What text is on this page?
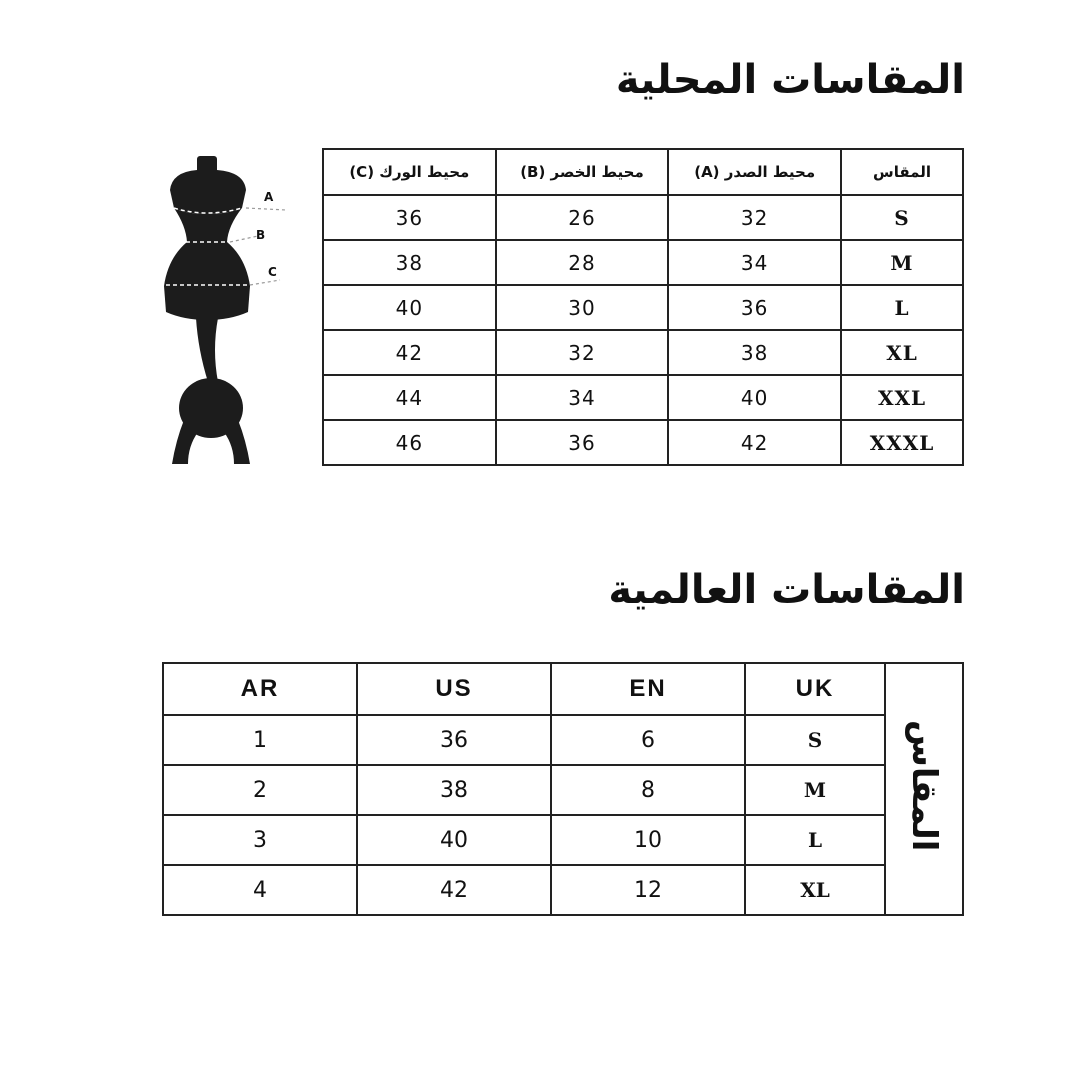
المقاسات المحلية
A
B
C
محيط الورك (C)	محيط الخصر (B)	محيط الصدر (A)	المقاس
36	26	32	S
38	28	34	M
40	30	36	L
42	32	38	XL
44	34	40	XXL
46	36	42	XXXL
المقاسات العالمية
AR	US	EN	UK	المقاس
1	36	6	S	
2	38	8	M	
3	40	10	L	
4	42	12	XL	
